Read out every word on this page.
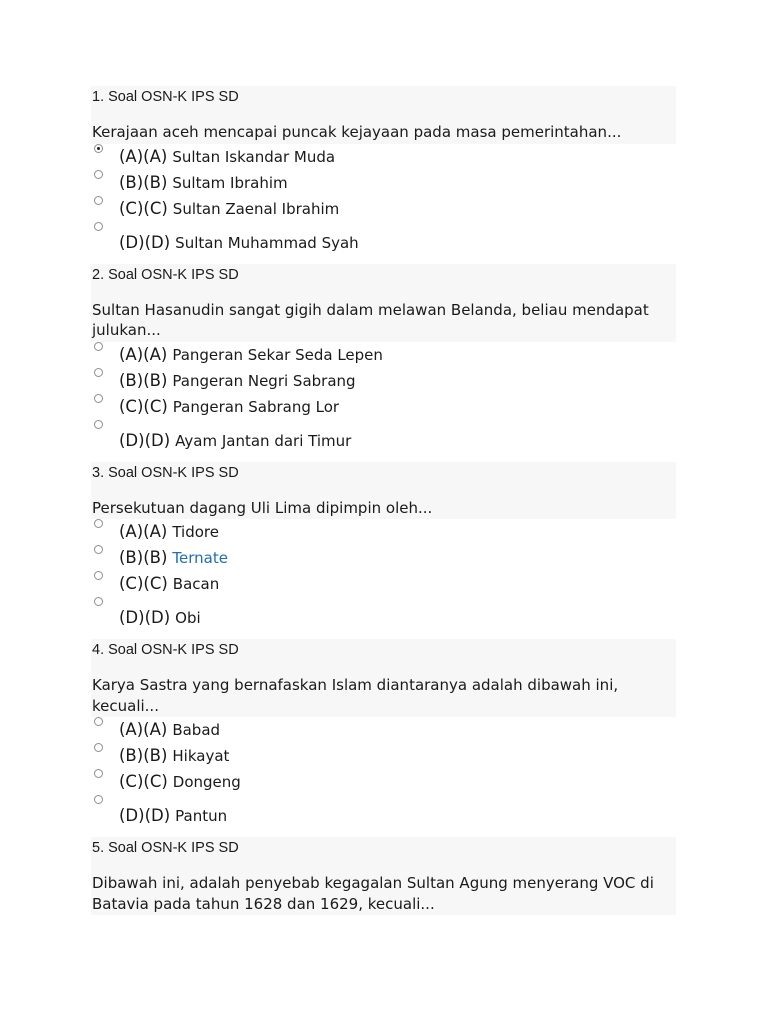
1. Soal OSN-K IPS SD
Kerajaan aceh mencapai puncak kejayaan pada masa pemerintahan...
(A)(A) Sultan Iskandar Muda
(B)(B) Sultam Ibrahim
(C)(C) Sultan Zaenal Ibrahim
(D)(D) Sultan Muhammad Syah
2. Soal OSN-K IPS SD
Sultan Hasanudin sangat gigih dalam melawan Belanda, beliau mendapat julukan...
(A)(A) Pangeran Sekar Seda Lepen
(B)(B) Pangeran Negri Sabrang
(C)(C) Pangeran Sabrang Lor
(D)(D) Ayam Jantan dari Timur
3. Soal OSN-K IPS SD
Persekutuan dagang Uli Lima dipimpin oleh...
(A)(A) Tidore
(B)(B) Ternate
(C)(C) Bacan
(D)(D) Obi
4. Soal OSN-K IPS SD
Karya Sastra yang bernafaskan Islam diantaranya adalah dibawah ini, kecuali...
(A)(A) Babad
(B)(B) Hikayat
(C)(C) Dongeng
(D)(D) Pantun
5. Soal OSN-K IPS SD
Dibawah ini, adalah penyebab kegagalan Sultan Agung menyerang VOC di Batavia pada tahun 1628 dan 1629, kecuali...
